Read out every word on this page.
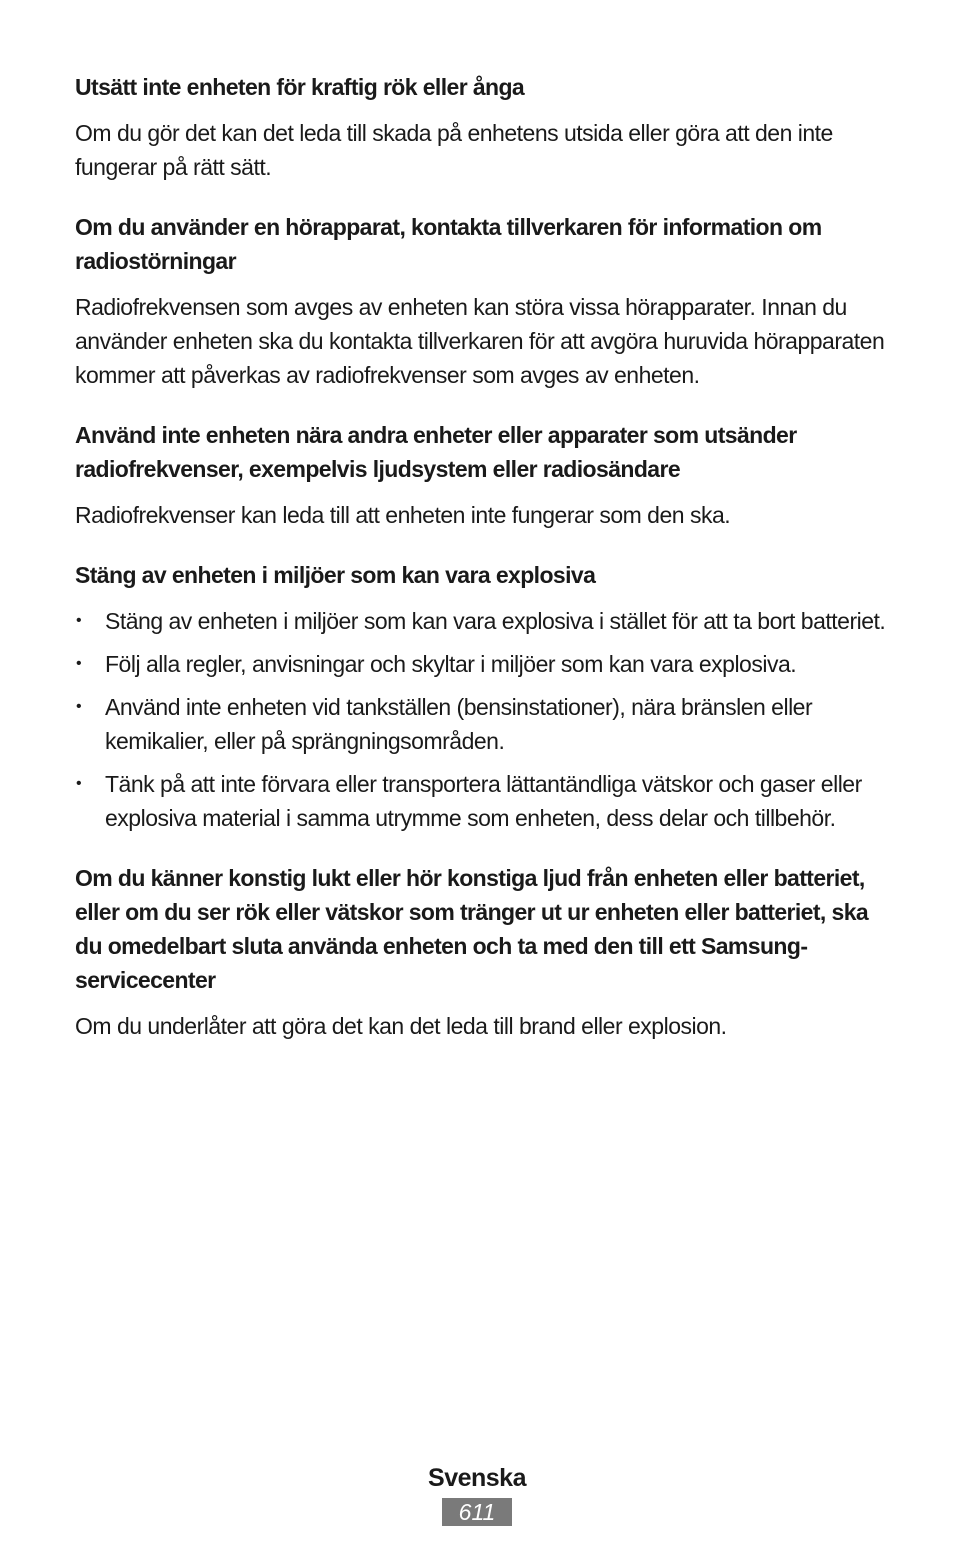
Utsätt inte enheten för kraftig rök eller ånga

Om du gör det kan det leda till skada på enhetens utsida eller göra att den inte fungerar på rätt sätt.

Om du använder en hörapparat, kontakta tillverkaren för information om radiostörningar

Radiofrekvensen som avges av enheten kan störa vissa hörapparater. Innan du använder enheten ska du kontakta tillverkaren för att avgöra huruvida hörapparaten kommer att påverkas av radiofrekvenser som avges av enheten.

Använd inte enheten nära andra enheter eller apparater som utsänder radiofrekvenser, exempelvis ljudsystem eller radiosändare

Radiofrekvenser kan leda till att enheten inte fungerar som den ska.

Stäng av enheten i miljöer som kan vara explosiva

• Stäng av enheten i miljöer som kan vara explosiva i stället för att ta bort batteriet.
• Följ alla regler, anvisningar och skyltar i miljöer som kan vara explosiva.
• Använd inte enheten vid tankställen (bensinstationer), nära bränslen eller kemikalier, eller på sprängningsområden.
• Tänk på att inte förvara eller transportera lättantändliga vätskor och gaser eller explosiva material i samma utrymme som enheten, dess delar och tillbehör.

Om du känner konstig lukt eller hör konstiga ljud från enheten eller batteriet, eller om du ser rök eller vätskor som tränger ut ur enheten eller batteriet, ska du omedelbart sluta använda enheten och ta med den till ett Samsung-servicecenter

Om du underlåter att göra det kan det leda till brand eller explosion.

Svenska
611
